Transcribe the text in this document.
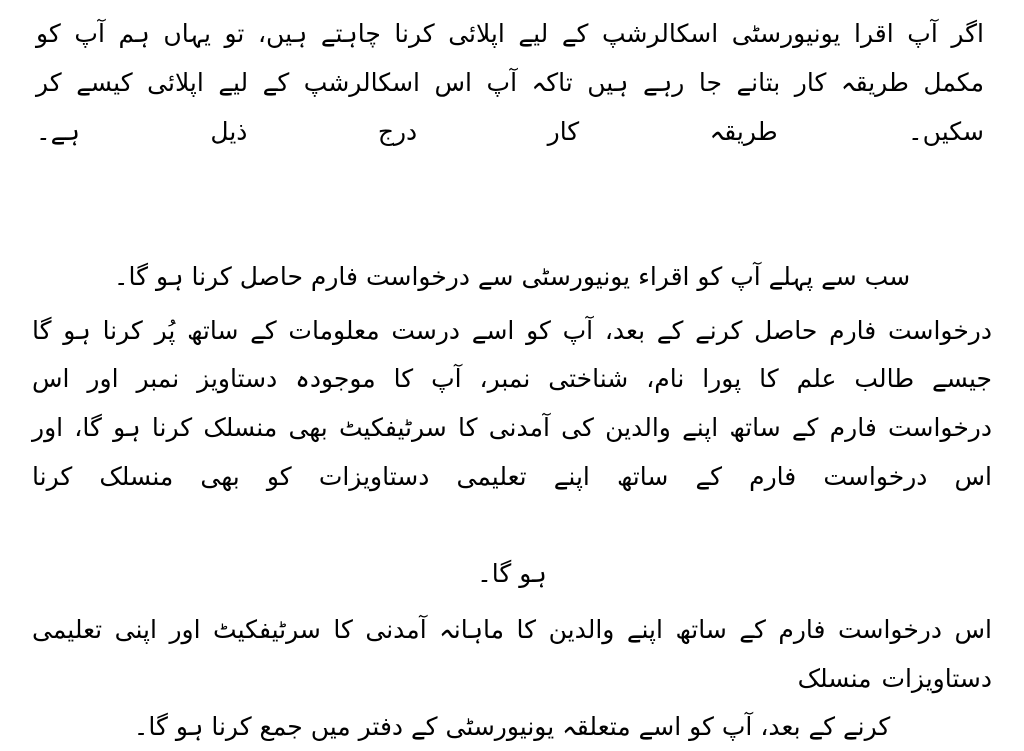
اگر آپ اقرا یونیورسٹی اسکالرشپ کے لیے اپلائی کرنا چاہتے ہیں، تو یہاں ہم آپ کو مکمل طریقہ کار بتانے جا رہے ہیں تاکہ آپ اس اسکالرشپ کے لیے اپلائی کیسے کر سکیں۔ طریقہ کار درج ذیل ہے۔
سب سے پہلے آپ کو اقراء یونیورسٹی سے درخواست فارم حاصل کرنا ہو گا۔
درخواست فارم حاصل کرنے کے بعد، آپ کو اسے درست معلومات کے ساتھ پُر کرنا ہو گا جیسے طالب علم کا پورا نام، شناختی نمبر، آپ کا موجودہ دستاویز نمبر اور اس درخواست فارم کے ساتھ اپنے والدین کی آمدنی کا سرٹیفکیٹ بھی منسلک کرنا ہو گا، اور اس درخواست فارم کے ساتھ اپنے تعلیمی دستاویزات کو بھی منسلک کرنا
ہو گا۔
اس درخواست فارم کے ساتھ اپنے والدین کا ماہانہ آمدنی کا سرٹیفکیٹ اور اپنی تعلیمی دستاویزات منسلک
کرنے کے بعد، آپ کو اسے متعلقہ یونیورسٹی کے دفتر میں جمع کرنا ہو گا۔
